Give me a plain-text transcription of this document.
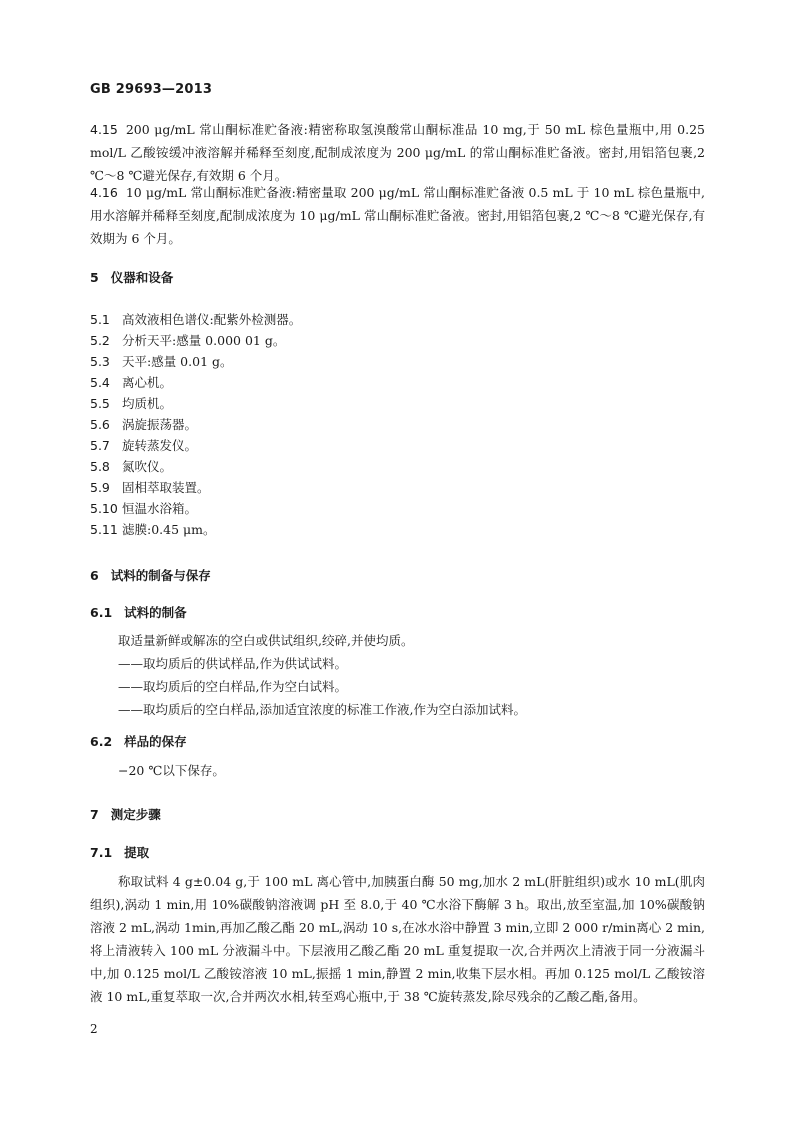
GB 29693—2013

4.15 200 μg/mL 常山酮标准贮备液:精密称取氢溴酸常山酮标准品 10 mg,于 50 mL 棕色量瓶中,用 0.25 mol/L 乙酸铵缓冲液溶解并稀释至刻度,配制成浓度为 200 μg/mL 的常山酮标准贮备液。密封,用铝箔包裹,2 ℃～8 ℃避光保存,有效期 6 个月。

4.16 10 μg/mL 常山酮标准贮备液:精密量取 200 μg/mL 常山酮标准贮备液 0.5 mL 于 10 mL 棕色量瓶中,用水溶解并稀释至刻度,配制成浓度为 10 μg/mL 常山酮标准贮备液。密封,用铝箔包裹,2 ℃～8 ℃避光保存,有效期为 6 个月。

5 仪器和设备
5.1 高效液相色谱仪:配紫外检测器。
5.2 分析天平:感量 0.000 01 g。
5.3 天平:感量 0.01 g。
5.4 离心机。
5.5 均质机。
5.6 涡旋振荡器。
5.7 旋转蒸发仪。
5.8 氮吹仪。
5.9 固相萃取装置。
5.10 恒温水浴箱。
5.11 滤膜:0.45 μm。
6 试料的制备与保存
6.1 试料的制备
取适量新鲜或解冻的空白或供试组织,绞碎,并使均质。
——取均质后的供试样品,作为供试试料。
——取均质后的空白样品,作为空白试料。
——取均质后的空白样品,添加适宜浓度的标准工作液,作为空白添加试料。
6.2 样品的保存
−20 ℃以下保存。
7 测定步骤
7.1 提取

称取试料 4 g±0.04 g,于 100 mL 离心管中,加胰蛋白酶 50 mg,加水 2 mL(肝脏组织)或水 10 mL(肌肉组织),涡动 1 min,用 10%碳酸钠溶液调 pH 至 8.0,于 40 ℃水浴下酶解 3 h。取出,放至室温,加 10%碳酸钠溶液 2 mL,涡动 1min,再加乙酸乙酯 20 mL,涡动 10 s,在冰水浴中静置 3 min,立即 2 000 r/min离心 2 min,将上清液转入 100 mL 分液漏斗中。下层液用乙酸乙酯 20 mL 重复提取一次,合并两次上清液于同一分液漏斗中,加 0.125 mol/L 乙酸铵溶液 10 mL,振摇 1 min,静置 2 min,收集下层水相。再加 0.125 mol/L 乙酸铵溶液 10 mL,重复萃取一次,合并两次水相,转至鸡心瓶中,于 38 ℃旋转蒸发,除尽残余的乙酸乙酯,备用。

2
